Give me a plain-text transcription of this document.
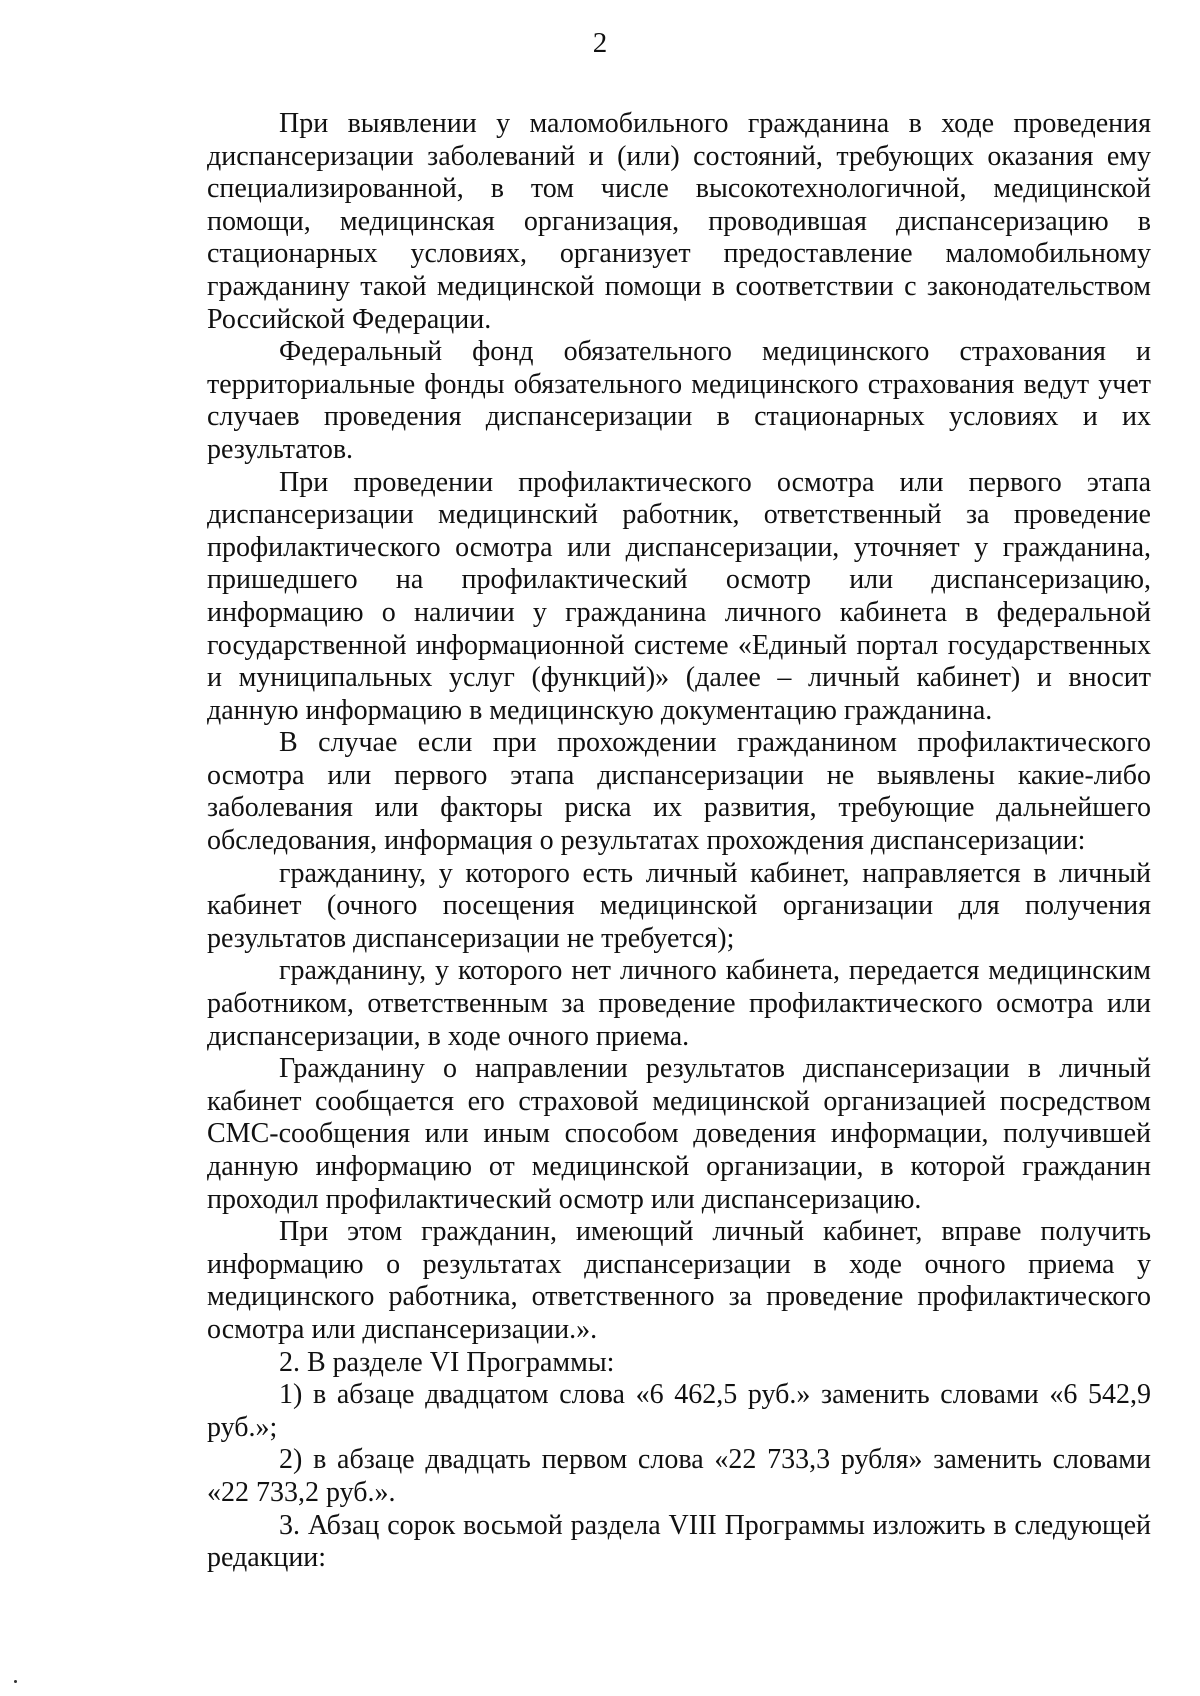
2

При выявлении у маломобильного гражданина в ходе проведения диспансеризации заболеваний и (или) состояний, требующих оказания ему специализированной, в том числе высокотехнологичной, медицинской помощи, медицинская организация, проводившая диспансеризацию в стационарных условиях, организует предоставление маломобильному гражданину такой медицинской помощи в соответствии с законодательством Российской Федерации.

Федеральный фонд обязательного медицинского страхования и территориальные фонды обязательного медицинского страхования ведут учет случаев проведения диспансеризации в стационарных условиях и их результатов.

При проведении профилактического осмотра или первого этапа диспансеризации медицинский работник, ответственный за проведение профилактического осмотра или диспансеризации, уточняет у гражданина, пришедшего на профилактический осмотр или диспансеризацию, информацию о наличии у гражданина личного кабинета в федеральной государственной информационной системе «Единый портал государственных и муниципальных услуг (функций)» (далее – личный кабинет) и вносит данную информацию в медицинскую документацию гражданина.

В случае если при прохождении гражданином профилактического осмотра или первого этапа диспансеризации не выявлены какие-либо заболевания или факторы риска их развития, требующие дальнейшего обследования, информация о результатах прохождения диспансеризации:

гражданину, у которого есть личный кабинет, направляется в личный кабинет (очного посещения медицинской организации для получения результатов диспансеризации не требуется);

гражданину, у которого нет личного кабинета, передается медицинским работником, ответственным за проведение профилактического осмотра или диспансеризации, в ходе очного приема.

Гражданину о направлении результатов диспансеризации в личный кабинет сообщается его страховой медицинской организацией посредством СМС-сообщения или иным способом доведения информации, получившей данную информацию от медицинской организации, в которой гражданин проходил профилактический осмотр или диспансеризацию.

При этом гражданин, имеющий личный кабинет, вправе получить информацию о результатах диспансеризации в ходе очного приема у медицинского работника, ответственного за проведение профилактического осмотра или диспансеризации.».

2. В разделе VI Программы:

1) в абзаце двадцатом слова «6 462,5 руб.» заменить словами «6 542,9 руб.»;

2) в абзаце двадцать первом слова «22 733,3 рубля» заменить словами «22 733,2 руб.».

3. Абзац сорок восьмой раздела VIII Программы изложить в следующей редакции:
